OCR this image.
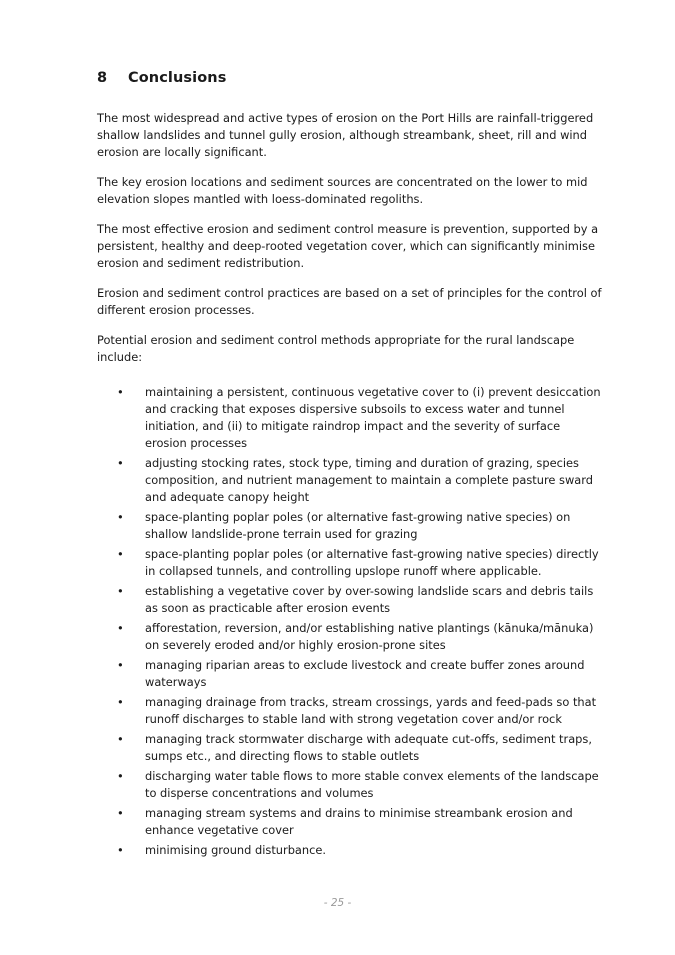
8 Conclusions

The most widespread and active types of erosion on the Port Hills are rainfall-triggered shallow landslides and tunnel gully erosion, although streambank, sheet, rill and wind erosion are locally significant.

The key erosion locations and sediment sources are concentrated on the lower to mid elevation slopes mantled with loess-dominated regoliths.

The most effective erosion and sediment control measure is prevention, supported by a persistent, healthy and deep-rooted vegetation cover, which can significantly minimise erosion and sediment redistribution.

Erosion and sediment control practices are based on a set of principles for the control of different erosion processes.

Potential erosion and sediment control methods appropriate for the rural landscape include:

• maintaining a persistent, continuous vegetative cover to (i) prevent desiccation and cracking that exposes dispersive subsoils to excess water and tunnel initiation, and (ii) to mitigate raindrop impact and the severity of surface erosion processes
• adjusting stocking rates, stock type, timing and duration of grazing, species composition, and nutrient management to maintain a complete pasture sward and adequate canopy height
• space-planting poplar poles (or alternative fast-growing native species) on shallow landslide-prone terrain used for grazing
• space-planting poplar poles (or alternative fast-growing native species) directly in collapsed tunnels, and controlling upslope runoff where applicable.
• establishing a vegetative cover by over-sowing landslide scars and debris tails as soon as practicable after erosion events
• afforestation, reversion, and/or establishing native plantings (kānuka/mānuka) on severely eroded and/or highly erosion-prone sites
• managing riparian areas to exclude livestock and create buffer zones around waterways
• managing drainage from tracks, stream crossings, yards and feed-pads so that runoff discharges to stable land with strong vegetation cover and/or rock
• managing track stormwater discharge with adequate cut-offs, sediment traps, sumps etc., and directing flows to stable outlets
• discharging water table flows to more stable convex elements of the landscape to disperse concentrations and volumes
• managing stream systems and drains to minimise streambank erosion and enhance vegetative cover
• minimising ground disturbance.
- 25 -
